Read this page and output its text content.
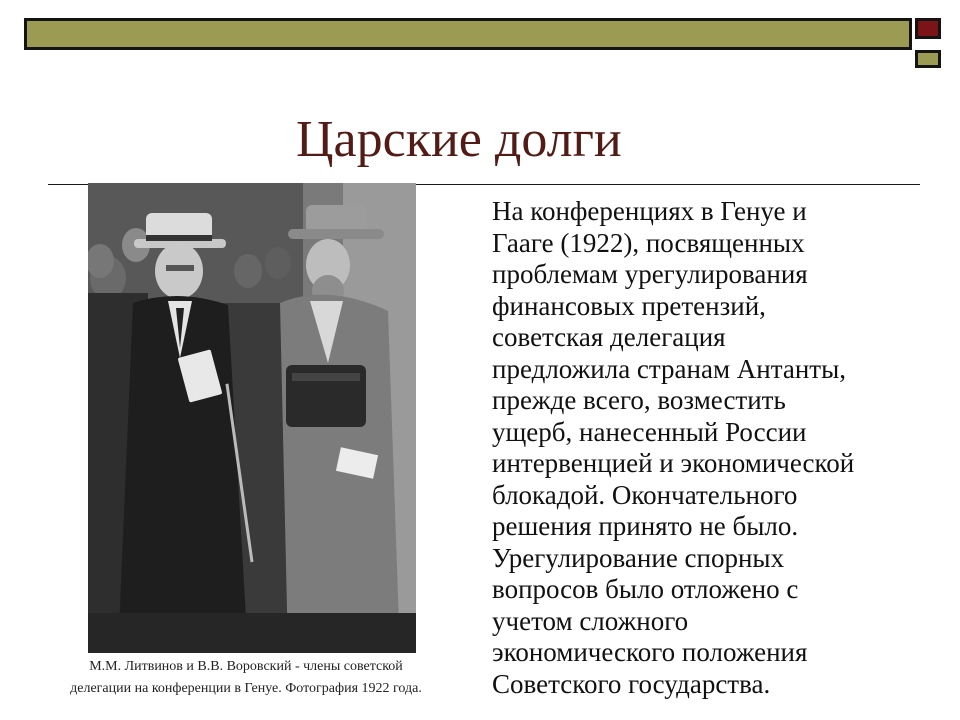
Царские долги

На конференциях в Генуе и
Гааге (1922), посвященных
проблемам урегулирования
финансовых претензий,
советская делегация
предложила странам Антанты,
прежде всего, возместить
ущерб, нанесенный России
интервенцией и экономической
блокадой. Окончательного
решения принято не было.
Урегулирование спорных
вопросов было отложено с
учетом сложного
экономического положения
Советского государства.

М.М. Литвинов и В.В. Воровский - члены советской
делегации на конференции в Генуе. Фотография 1922 года.
